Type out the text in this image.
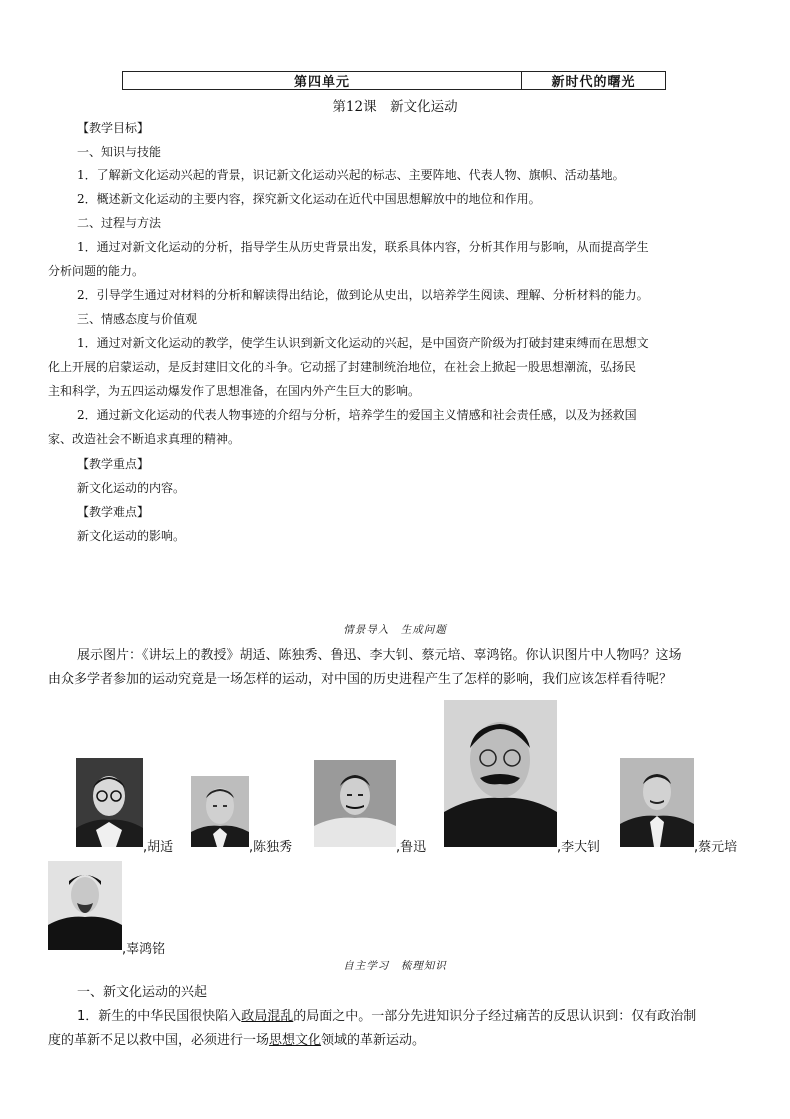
第四单元	新时代的曙光
第12课　新文化运动
【教学目标】
一、知识与技能
1．了解新文化运动兴起的背景，识记新文化运动兴起的标志、主要阵地、代表人物、旗帜、活动基地。
2．概述新文化运动的主要内容，探究新文化运动在近代中国思想解放中的地位和作用。
二、过程与方法
1．通过对新文化运动的分析，指导学生从历史背景出发，联系具体内容，分析其作用与影响，从而提高学生
分析问题的能力。
2．引导学生通过对材料的分析和解读得出结论，做到论从史出，以培养学生阅读、理解、分析材料的能力。
三、情感态度与价值观
1．通过对新文化运动的教学，使学生认识到新文化运动的兴起，是中国资产阶级为打破封建束缚而在思想文
化上开展的启蒙运动，是反封建旧文化的斗争。它动摇了封建制统治地位，在社会上掀起一股思想潮流，弘扬民
主和科学，为五四运动爆发作了思想准备，在国内外产生巨大的影响。
2．通过新文化运动的代表人物事迹的介绍与分析，培养学生的爱国主义情感和社会责任感，以及为拯救国
家、改造社会不断追求真理的精神。
【教学重点】
新文化运动的内容。
【教学难点】
新文化运动的影响。
情景导入　生成问题
展示图片：《讲坛上的教授》胡适、陈独秀、鲁迅、李大钊、蔡元培、辜鸿铭。你认识图片中人物吗？这场
由众多学者参加的运动究竟是一场怎样的运动，对中国的历史进程产生了怎样的影响，我们应该怎样看待呢？
,胡适	,陈独秀	,鲁迅	,李大钊	,蔡元培
,辜鸿铭
自主学习　梳理知识
一、新文化运动的兴起
1．新生的中华民国很快陷入政局混乱的局面之中。一部分先进知识分子经过痛苦的反思认识到：仅有政治制
度的革新不足以救中国，必须进行一场思想文化领域的革新运动。
